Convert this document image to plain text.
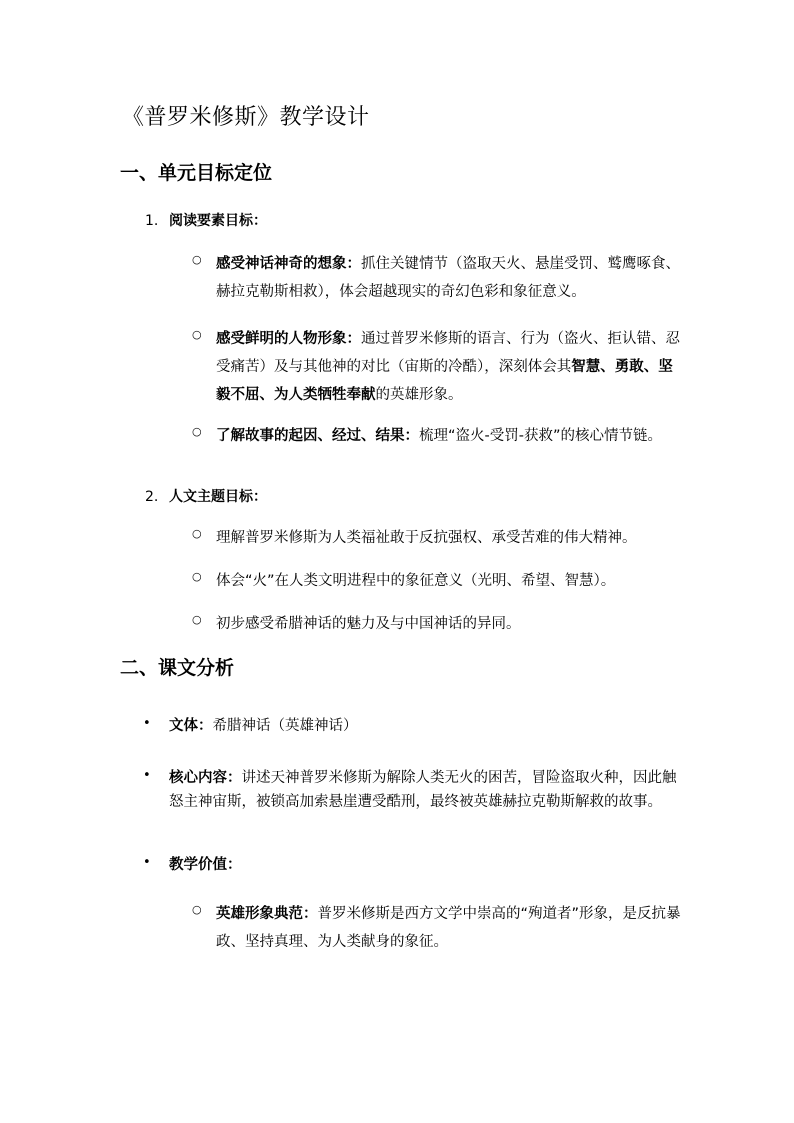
《普罗米修斯》教学设计
一、单元目标定位
1. 阅读要素目标：
○ 感受神话神奇的想象：抓住关键情节（盗取天火、悬崖受罚、鹫鹰啄食、赫拉克勒斯相救），体会超越现实的奇幻色彩和象征意义。
○ 感受鲜明的人物形象：通过普罗米修斯的语言、行为（盗火、拒认错、忍受痛苦）及与其他神的对比（宙斯的冷酷），深刻体会其智慧、勇敢、坚毅不屈、为人类牺牲奉献的英雄形象。
○ 了解故事的起因、经过、结果：梳理“盗火-受罚-获救”的核心情节链。
2. 人文主题目标：
○ 理解普罗米修斯为人类福祉敢于反抗强权、承受苦难的伟大精神。
○ 体会“火”在人类文明进程中的象征意义（光明、希望、智慧）。
○ 初步感受希腊神话的魅力及与中国神话的异同。
二、课文分析
• 文体：希腊神话（英雄神话）
• 核心内容：讲述天神普罗米修斯为解除人类无火的困苦，冒险盗取火种，因此触怒主神宙斯，被锁高加索悬崖遭受酷刑，最终被英雄赫拉克勒斯解救的故事。
• 教学价值：
○ 英雄形象典范：普罗米修斯是西方文学中崇高的“殉道者”形象，是反抗暴政、坚持真理、为人类献身的象征。
